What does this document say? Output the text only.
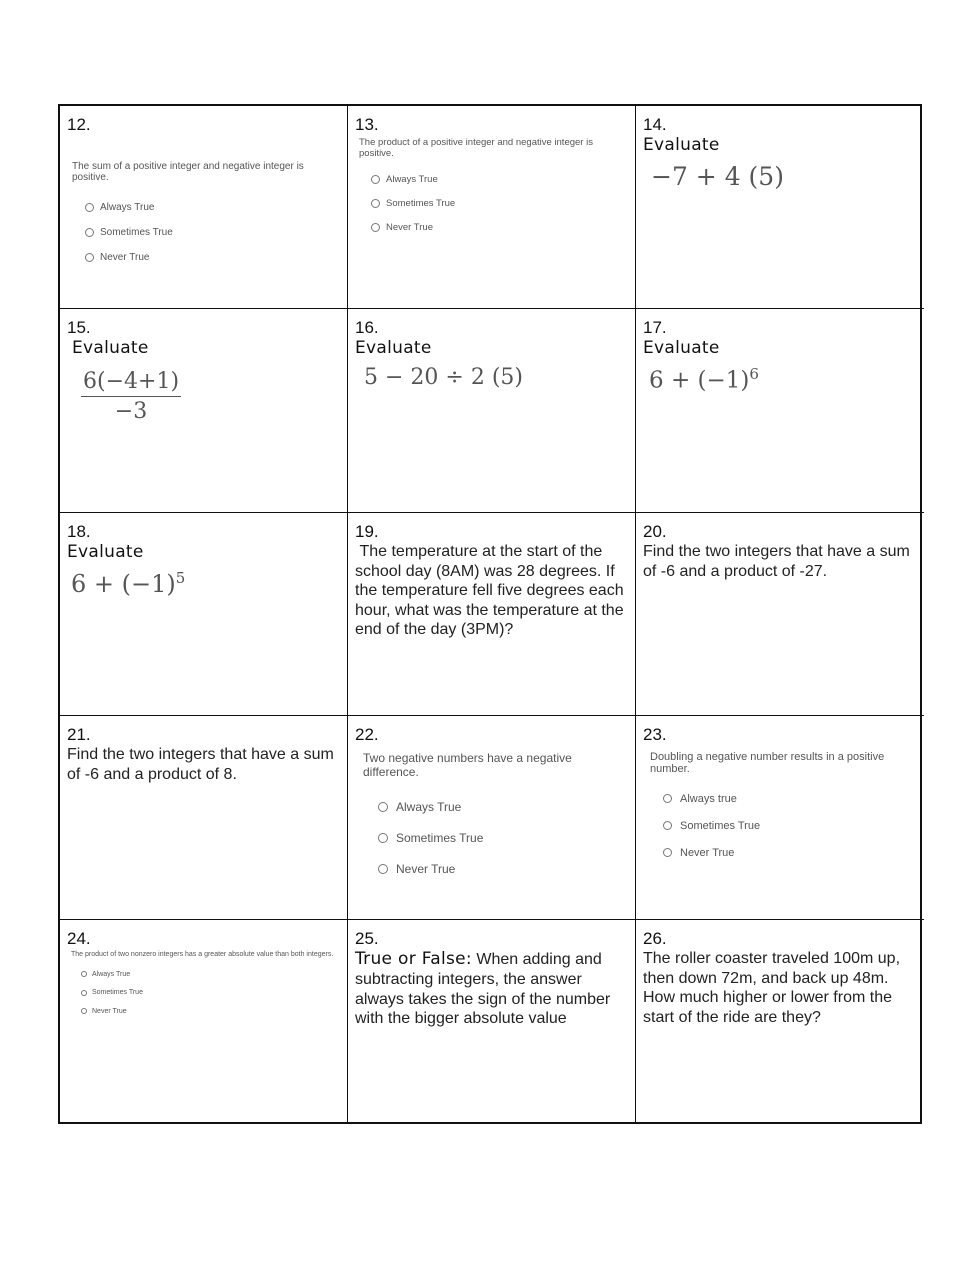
12.
The sum of a positive integer and negative integer is positive.
Always True
Sometimes True
Never True
13.
The product of a positive integer and negative integer is positive.
Always True
Sometimes True
Never True
14.
Evaluate
−7 + 4 (5)
15.
Evaluate
$\frac{6(-4+1)}{-3}$
16.
Evaluate
5 − 20 ÷ 2 (5)
17.
Evaluate
$6 + (-1)^6$
18.
Evaluate
$6 + (-1)^5$
19.
The temperature at the start of the school day (8AM) was 28 degrees. If the temperature fell five degrees each hour, what was the temperature at the end of the day (3PM)?
20.
Find the two integers that have a sum of -6 and a product of -27.
21.
Find the two integers that have a sum of -6 and a product of 8.
22.
Two negative numbers have a negative difference.
Always True
Sometimes True
Never True
23.
Doubling a negative number results in a positive number.
Always true
Sometimes True
Never True
24.
The product of two nonzero integers has a greater absolute value than both integers.
Always True
Sometimes True
Never True
25.
True or False: When adding and subtracting integers, the answer always takes the sign of the number with the bigger absolute value
26.
The roller coaster traveled 100m up, then down 72m, and back up 48m. How much higher or lower from the start of the ride are they?
